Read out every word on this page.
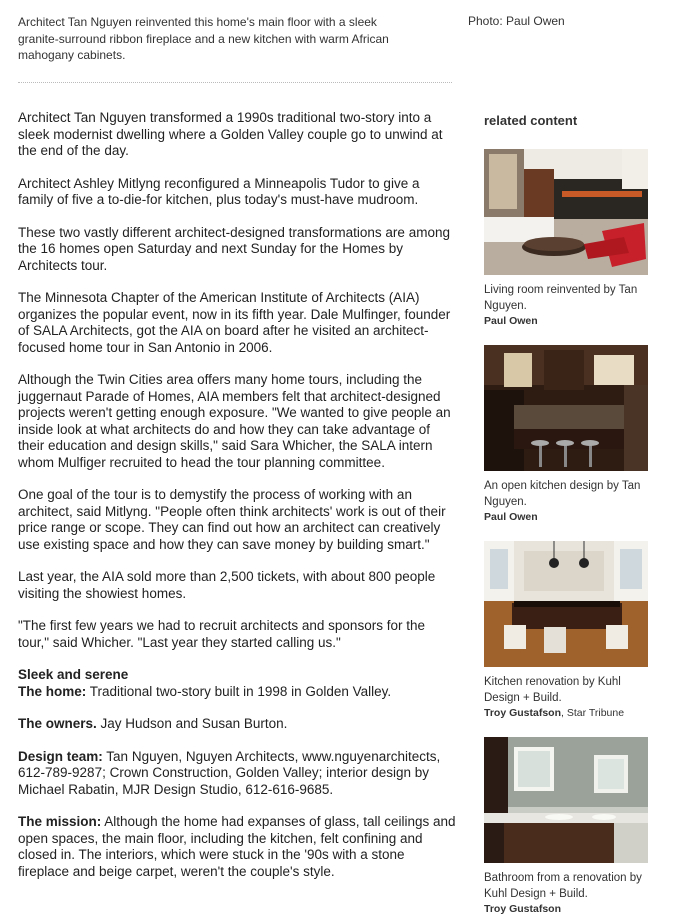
Architect Tan Nguyen reinvented this home's main floor with a sleek granite-surround ribbon fireplace and a new kitchen with warm African mahogany cabinets.
Photo: Paul Owen

Architect Tan Nguyen transformed a 1990s traditional two-story into a sleek modernist dwelling where a Golden Valley couple go to unwind at the end of the day.

Architect Ashley Mitlyng reconfigured a Minneapolis Tudor to give a family of five a to-die-for kitchen, plus today's must-have mudroom.

These two vastly different architect-designed transformations are among the 16 homes open Saturday and next Sunday for the Homes by Architects tour.

The Minnesota Chapter of the American Institute of Architects (AIA) organizes the popular event, now in its fifth year. Dale Mulfinger, founder of SALA Architects, got the AIA on board after he visited an architect-focused home tour in San Antonio in 2006.

Although the Twin Cities area offers many home tours, including the juggernaut Parade of Homes, AIA members felt that architect-designed projects weren't getting enough exposure. "We wanted to give people an inside look at what architects do and how they can take advantage of their education and design skills," said Sara Whicher, the SALA intern whom Mulfiger recruited to head the tour planning committee.

One goal of the tour is to demystify the process of working with an architect, said Mitlyng. "People often think architects' work is out of their price range or scope. They can find out how an architect can creatively use existing space and how they can save money by building smart."

Last year, the AIA sold more than 2,500 tickets, with about 800 people visiting the showiest homes.

"The first few years we had to recruit architects and sponsors for the tour," said Whicher. "Last year they started calling us."

Sleek and serene

The home: Traditional two-story built in 1998 in Golden Valley.

The owners. Jay Hudson and Susan Burton.

Design team: Tan Nguyen, Nguyen Architects, www.nguyenarchitects, 612-789-9287; Crown Construction, Golden Valley; interior design by Michael Rabatin, MJR Design Studio, 612-616-9685.

The mission: Although the home had expanses of glass, tall ceilings and open spaces, the main floor, including the kitchen, felt confining and closed in. The interiors, which were stuck in the '90s with a stone fireplace and beige carpet, weren't the couple's style.

related content
Living room reinvented by Tan Nguyen.
Paul Owen
An open kitchen design by Tan Nguyen.
Paul Owen
Kitchen renovation by Kuhl Design + Build.
Troy Gustafson, Star Tribune
Bathroom from a renovation by Kuhl Design + Build.
Troy Gustafson
